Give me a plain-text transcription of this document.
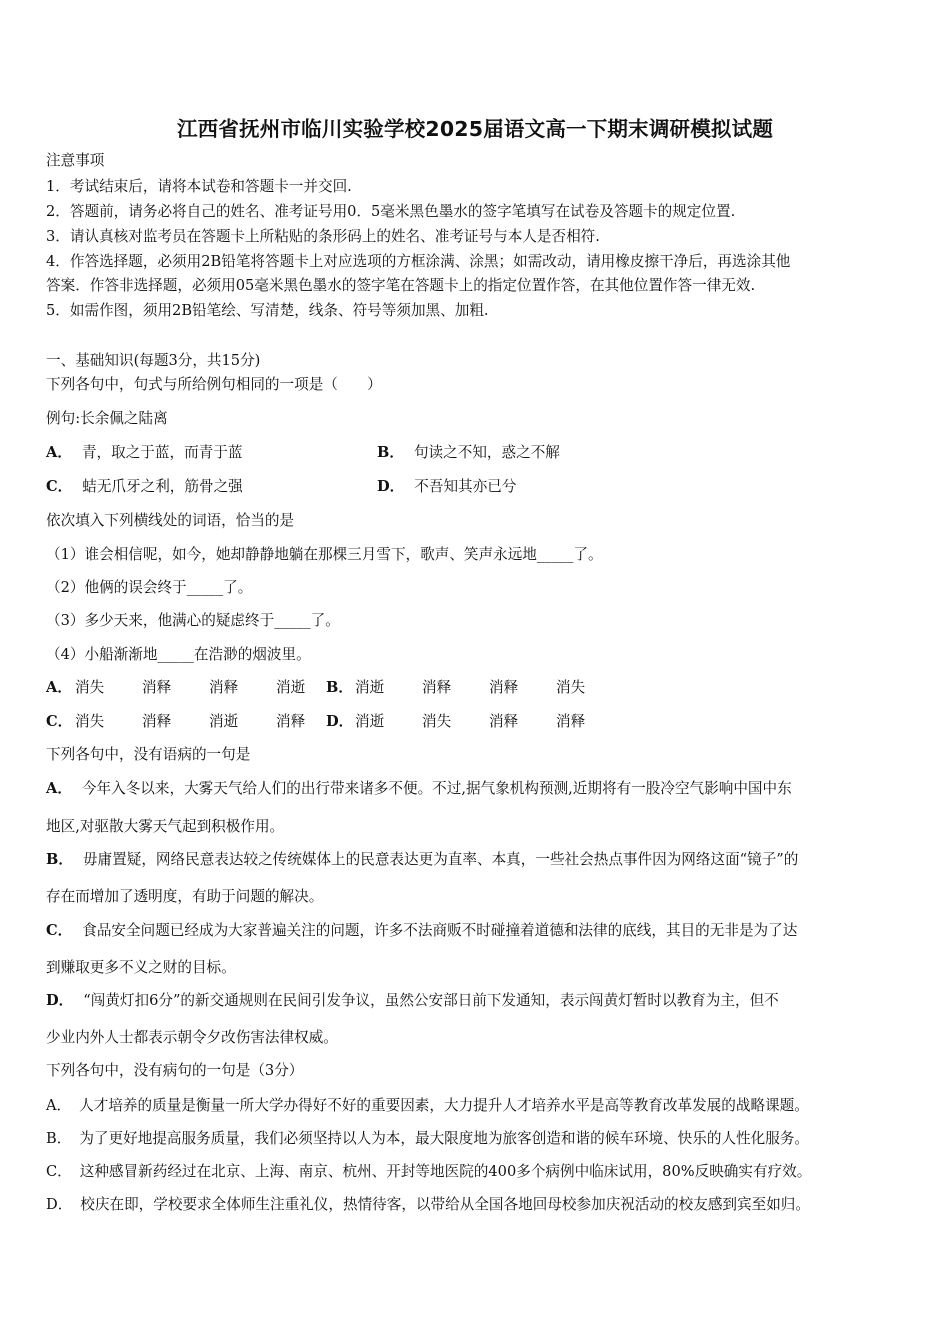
江西省抚州市临川实验学校2025届语文高一下期末调研模拟试题
注意事项
1．考试结束后，请将本试卷和答题卡一并交回.
2．答题前，请务必将自己的姓名、准考证号用0．5毫米黑色墨水的签字笔填写在试卷及答题卡的规定位置.
3．请认真核对监考员在答题卡上所粘贴的条形码上的姓名、准考证号与本人是否相符.
4．作答选择题，必须用2B铅笔将答题卡上对应选项的方框涂满、涂黑；如需改动，请用橡皮擦干净后，再选涂其他
答案．作答非选择题，必须用05毫米黑色墨水的签字笔在答题卡上的指定位置作答，在其他位置作答一律无效.
5．如需作图，须用2B铅笔绘、写清楚，线条、符号等须加黑、加粗.
一、基础知识(每题3分，共15分)
下列各句中，句式与所给例句相同的一项是（　　）
例句:长余佩之陆离
A． 青，取之于蓝，而青于蓝	B． 句读之不知，惑之不解
C． 蛣无爪牙之利，筋骨之强	D． 不吾知其亦已兮
依次填入下列横线处的词语，恰当的是
（1）谁会相信呢，如今，她却静静地躺在那棵三月雪下，歌声、笑声永远地_____了。
（2）他俩的误会终于_____了。
（3）多少天来，他满心的疑虑终于_____了。
（4）小船渐渐地_____在浩渺的烟波里。
A． 消失	消释	消释	消逝 B． 消逝	消释	消释	消失
C． 消失	消释	消逝	消释 D． 消逝	消失	消释	消释
下列各句中，没有语病的一句是
A． 今年入冬以来，大雾天气给人们的出行带来诸多不便。不过,据气象机构预测,近期将有一股冷空气影响中国中东
地区,对驱散大雾天气起到积极作用。
B． 毋庸置疑，网络民意表达较之传统媒体上的民意表达更为直率、本真，一些社会热点事件因为网络这面“镜子”的
存在而增加了透明度，有助于问题的解决。
C． 食品安全问题已经成为大家普遍关注的问题，许多不法商贩不时碰撞着道德和法律的底线，其目的无非是为了达
到赚取更多不义之财的目标。
D． “闯黄灯扣6分”的新交通规则在民间引发争议，虽然公安部日前下发通知，表示闯黄灯暂时以教育为主，但不
少业内外人士都表示朝令夕改伤害法律权威。
下列各句中，没有病句的一句是（3分）
A． 人才培养的质量是衡量一所大学办得好不好的重要因素，大力提升人才培养水平是高等教育改革发展的战略课题。
B． 为了更好地提高服务质量，我们必须坚持以人为本，最大限度地为旅客创造和谐的候车环境、快乐的人性化服务。
C． 这种感冒新药经过在北京、上海、南京、杭州、开封等地医院的400多个病例中临床试用，80%反映确实有疗效。
D． 校庆在即，学校要求全体师生注重礼仪，热情待客，以带给从全国各地回母校参加庆祝活动的校友感到宾至如归。
